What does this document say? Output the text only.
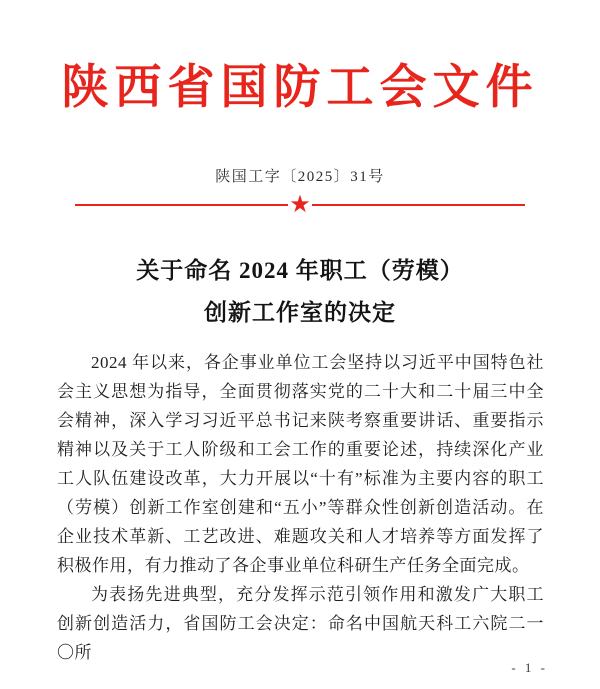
陕西省国防工会文件
陕国工字〔2025〕31号
★
关于命名 2024 年职工（劳模）
创新工作室的决定

2024 年以来，各企事业单位工会坚持以习近平中国特色社会主义思想为指导，全面贯彻落实党的二十大和二十届三中全会精神，深入学习习近平总书记来陕考察重要讲话、重要指示精神以及关于工人阶级和工会工作的重要论述，持续深化产业工人队伍建设改革，大力开展以“十有”标准为主要内容的职工（劳模）创新工作室创建和“五小”等群众性创新创造活动。在企业技术革新、工艺改进、难题攻关和人才培养等方面发挥了积极作用，有力推动了各企事业单位科研生产任务全面完成。

为表扬先进典型，充分发挥示范引领作用和激发广大职工创新创造活力，省国防工会决定：命名中国航天科工六院二一〇所

- 1 -
